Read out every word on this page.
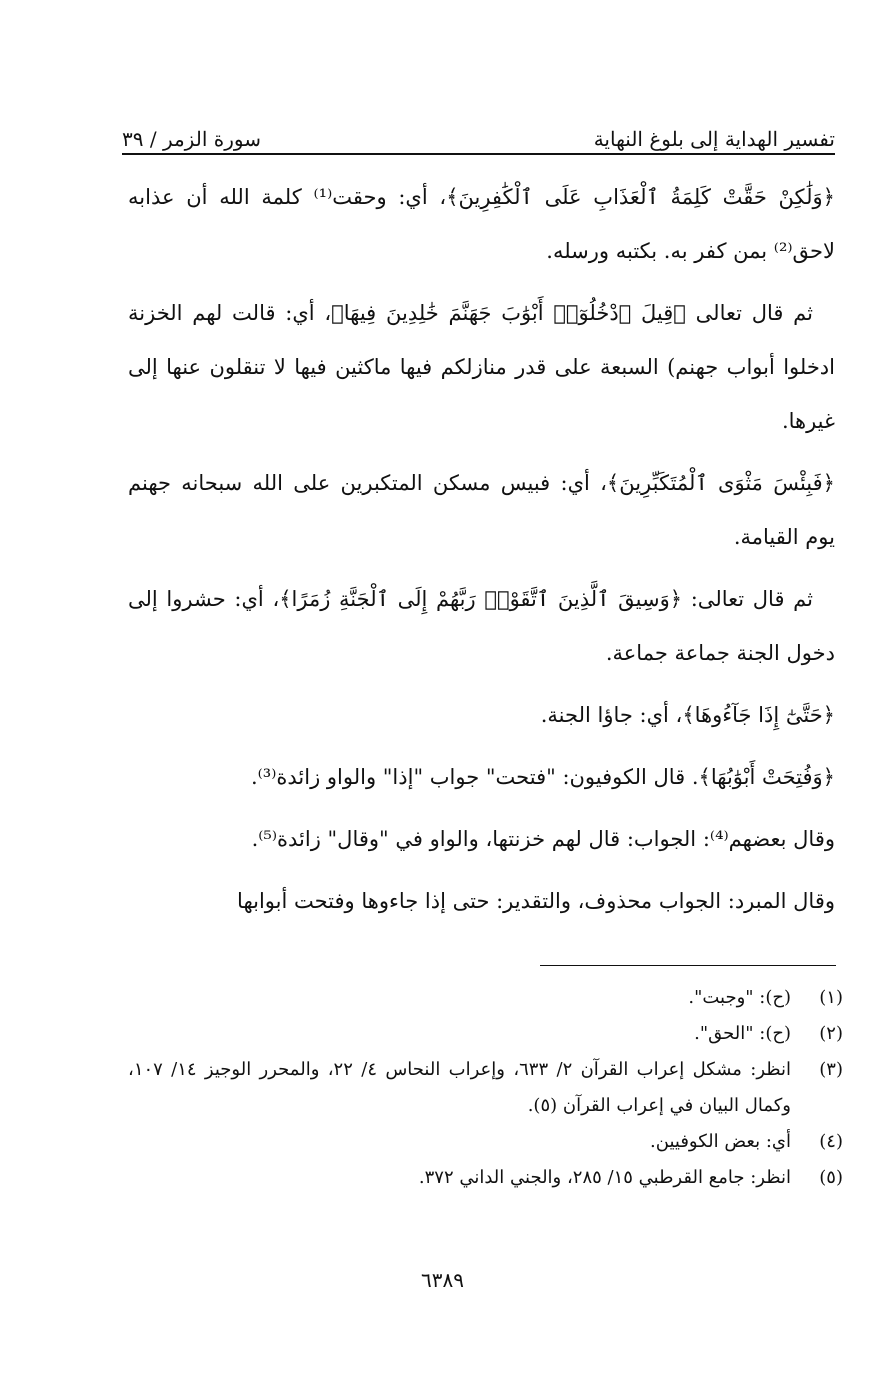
تفسير الهداية إلى بلوغ النهاية
سورة الزمر / ٣٩

﴿وَلَٰكِنْ حَقَّتْ كَلِمَةُ ٱلْعَذَابِ عَلَى ٱلْكَٰفِرِينَ﴾، أي: وحقت⁽¹⁾ كلمة الله أن عذابه لاحق⁽²⁾ بمن كفر به. بكتبه ورسله.

ثم قال تعالى ﴿قِيلَ ٱدْخُلُوٓا۟ أَبْوَٰبَ جَهَنَّمَ خَٰلِدِينَ فِيهَا﴾، أي: قالت لهم الخزنة ادخلوا أبواب جهنم) السبعة على قدر منازلكم فيها ماكثين فيها لا تنقلون عنها إلى غيرها.

﴿فَبِئْسَ مَثْوَى ٱلْمُتَكَبِّرِينَ﴾، أي: فبيس مسكن المتكبرين على الله سبحانه جهنم يوم القيامة.

ثم قال تعالى: ﴿وَسِيقَ ٱلَّذِينَ ٱتَّقَوْا۟ رَبَّهُمْ إِلَى ٱلْجَنَّةِ زُمَرًا﴾، أي: حشروا إلى دخول الجنة جماعة جماعة.

﴿حَتَّىٰٓ إِذَا جَآءُوهَا﴾، أي: جاؤا الجنة.

﴿وَفُتِحَتْ أَبْوَٰبُهَا﴾. قال الكوفيون: "فتحت" جواب "إذا" والواو زائدة⁽³⁾.

وقال بعضهم⁽⁴⁾: الجواب: قال لهم خزنتها، والواو في "وقال" زائدة⁽⁵⁾.

وقال المبرد: الجواب محذوف، والتقدير: حتى إذا جاءوها وفتحت أبوابها

(١)
(ح): "وجبت".
(٢)
(ح): "الحق".
(٣)
انظر: مشكل إعراب القرآن ٢/ ٦٣٣، وإعراب النحاس ٤/ ٢٢، والمحرر الوجيز ١٤/ ١٠٧، وكمال البيان في إعراب القرآن (٥).
(٤)
أي: بعض الكوفيين.
(٥)
انظر: جامع القرطبي ١٥/ ٢٨٥، والجني الداني ٣٧٢.
٦٣٨٩
